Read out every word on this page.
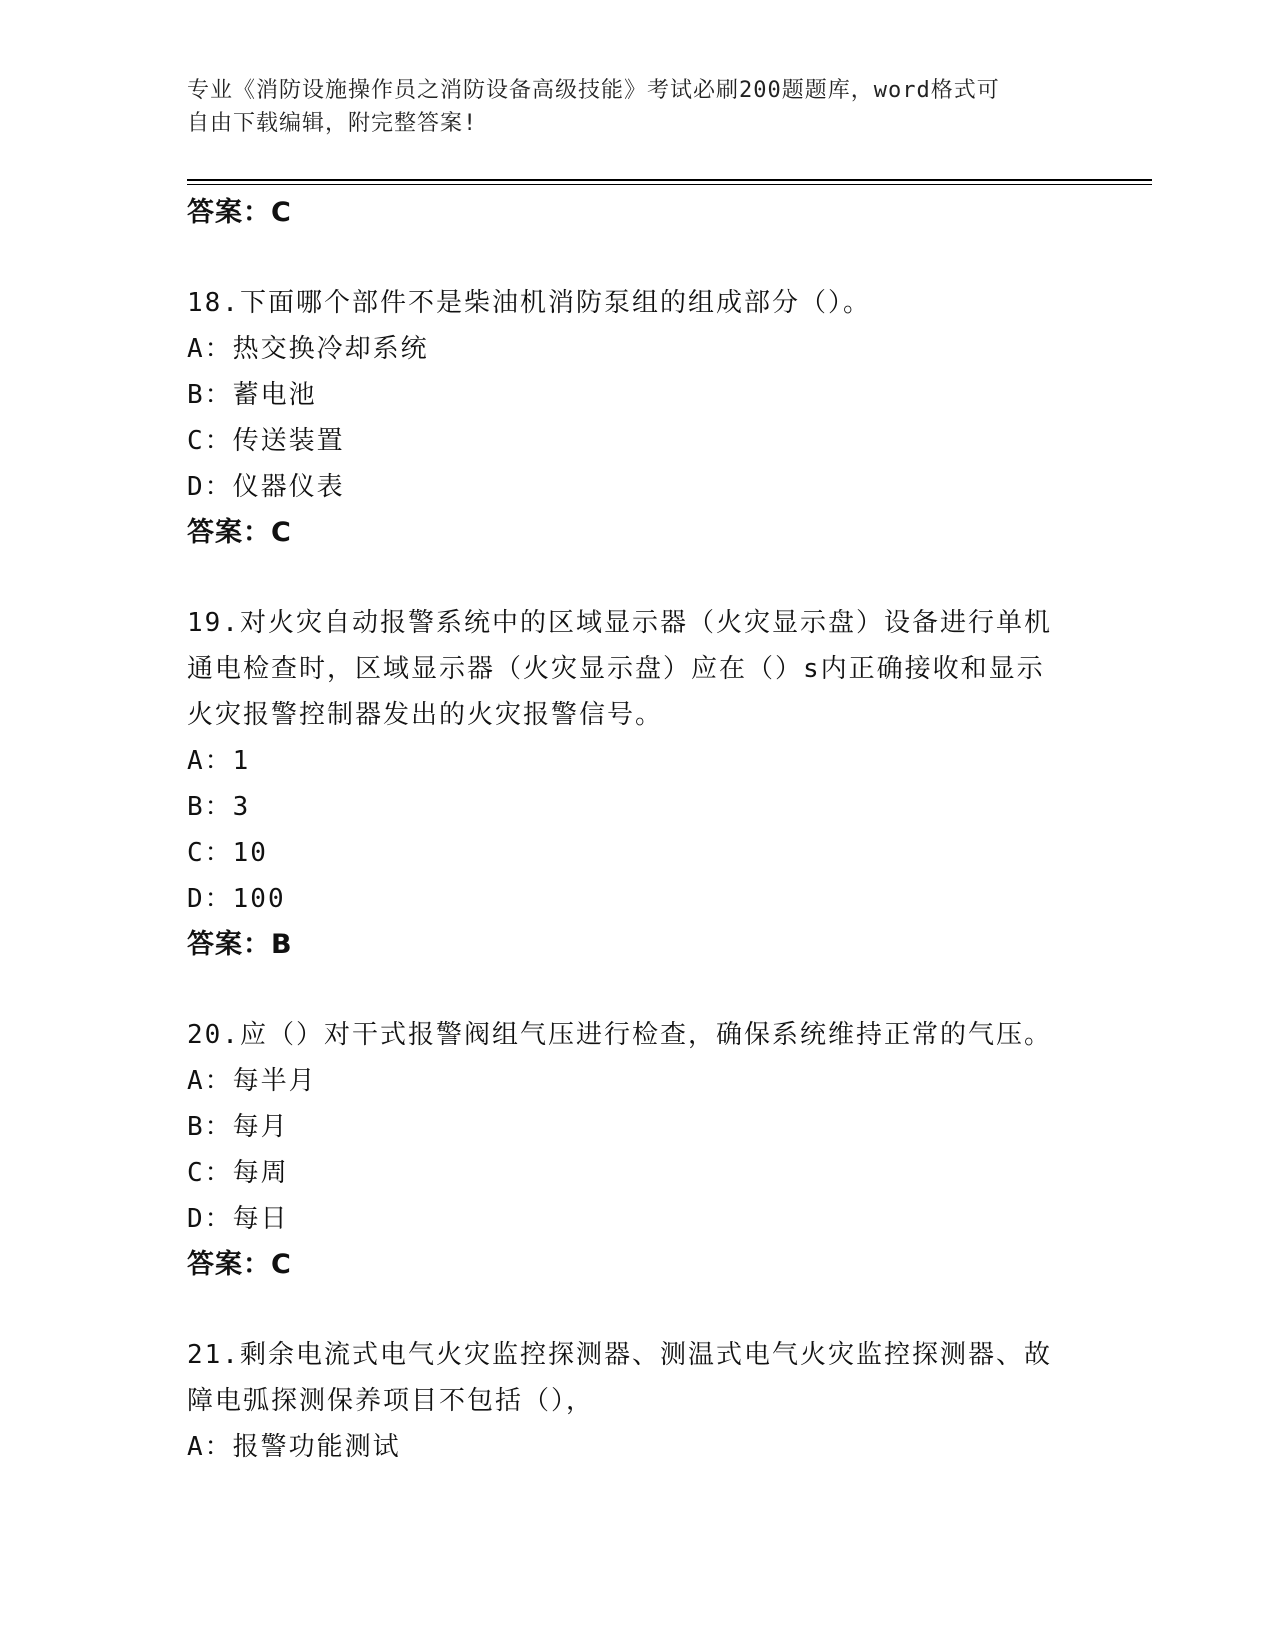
专业《消防设施操作员之消防设备高级技能》考试必刷200题题库，word格式可
自由下载编辑，附完整答案!
答案：C
18.下面哪个部件不是柴油机消防泵组的组成部分（）。
A：热交换冷却系统
B：蓄电池
C：传送装置
D：仪器仪表
答案：C
19.对火灾自动报警系统中的区域显示器（火灾显示盘）设备进行单机
通电检查时，区域显示器（火灾显示盘）应在（）s内正确接收和显示
火灾报警控制器发出的火灾报警信号。
A：1
B：3
C：10
D：100
答案：B
20.应（）对干式报警阀组气压进行检查，确保系统维持正常的气压。
A：每半月
B：每月
C：每周
D：每日
答案：C
21.剩余电流式电气火灾监控探测器、测温式电气火灾监控探测器、故
障电弧探测保养项目不包括（），
A：报警功能测试
